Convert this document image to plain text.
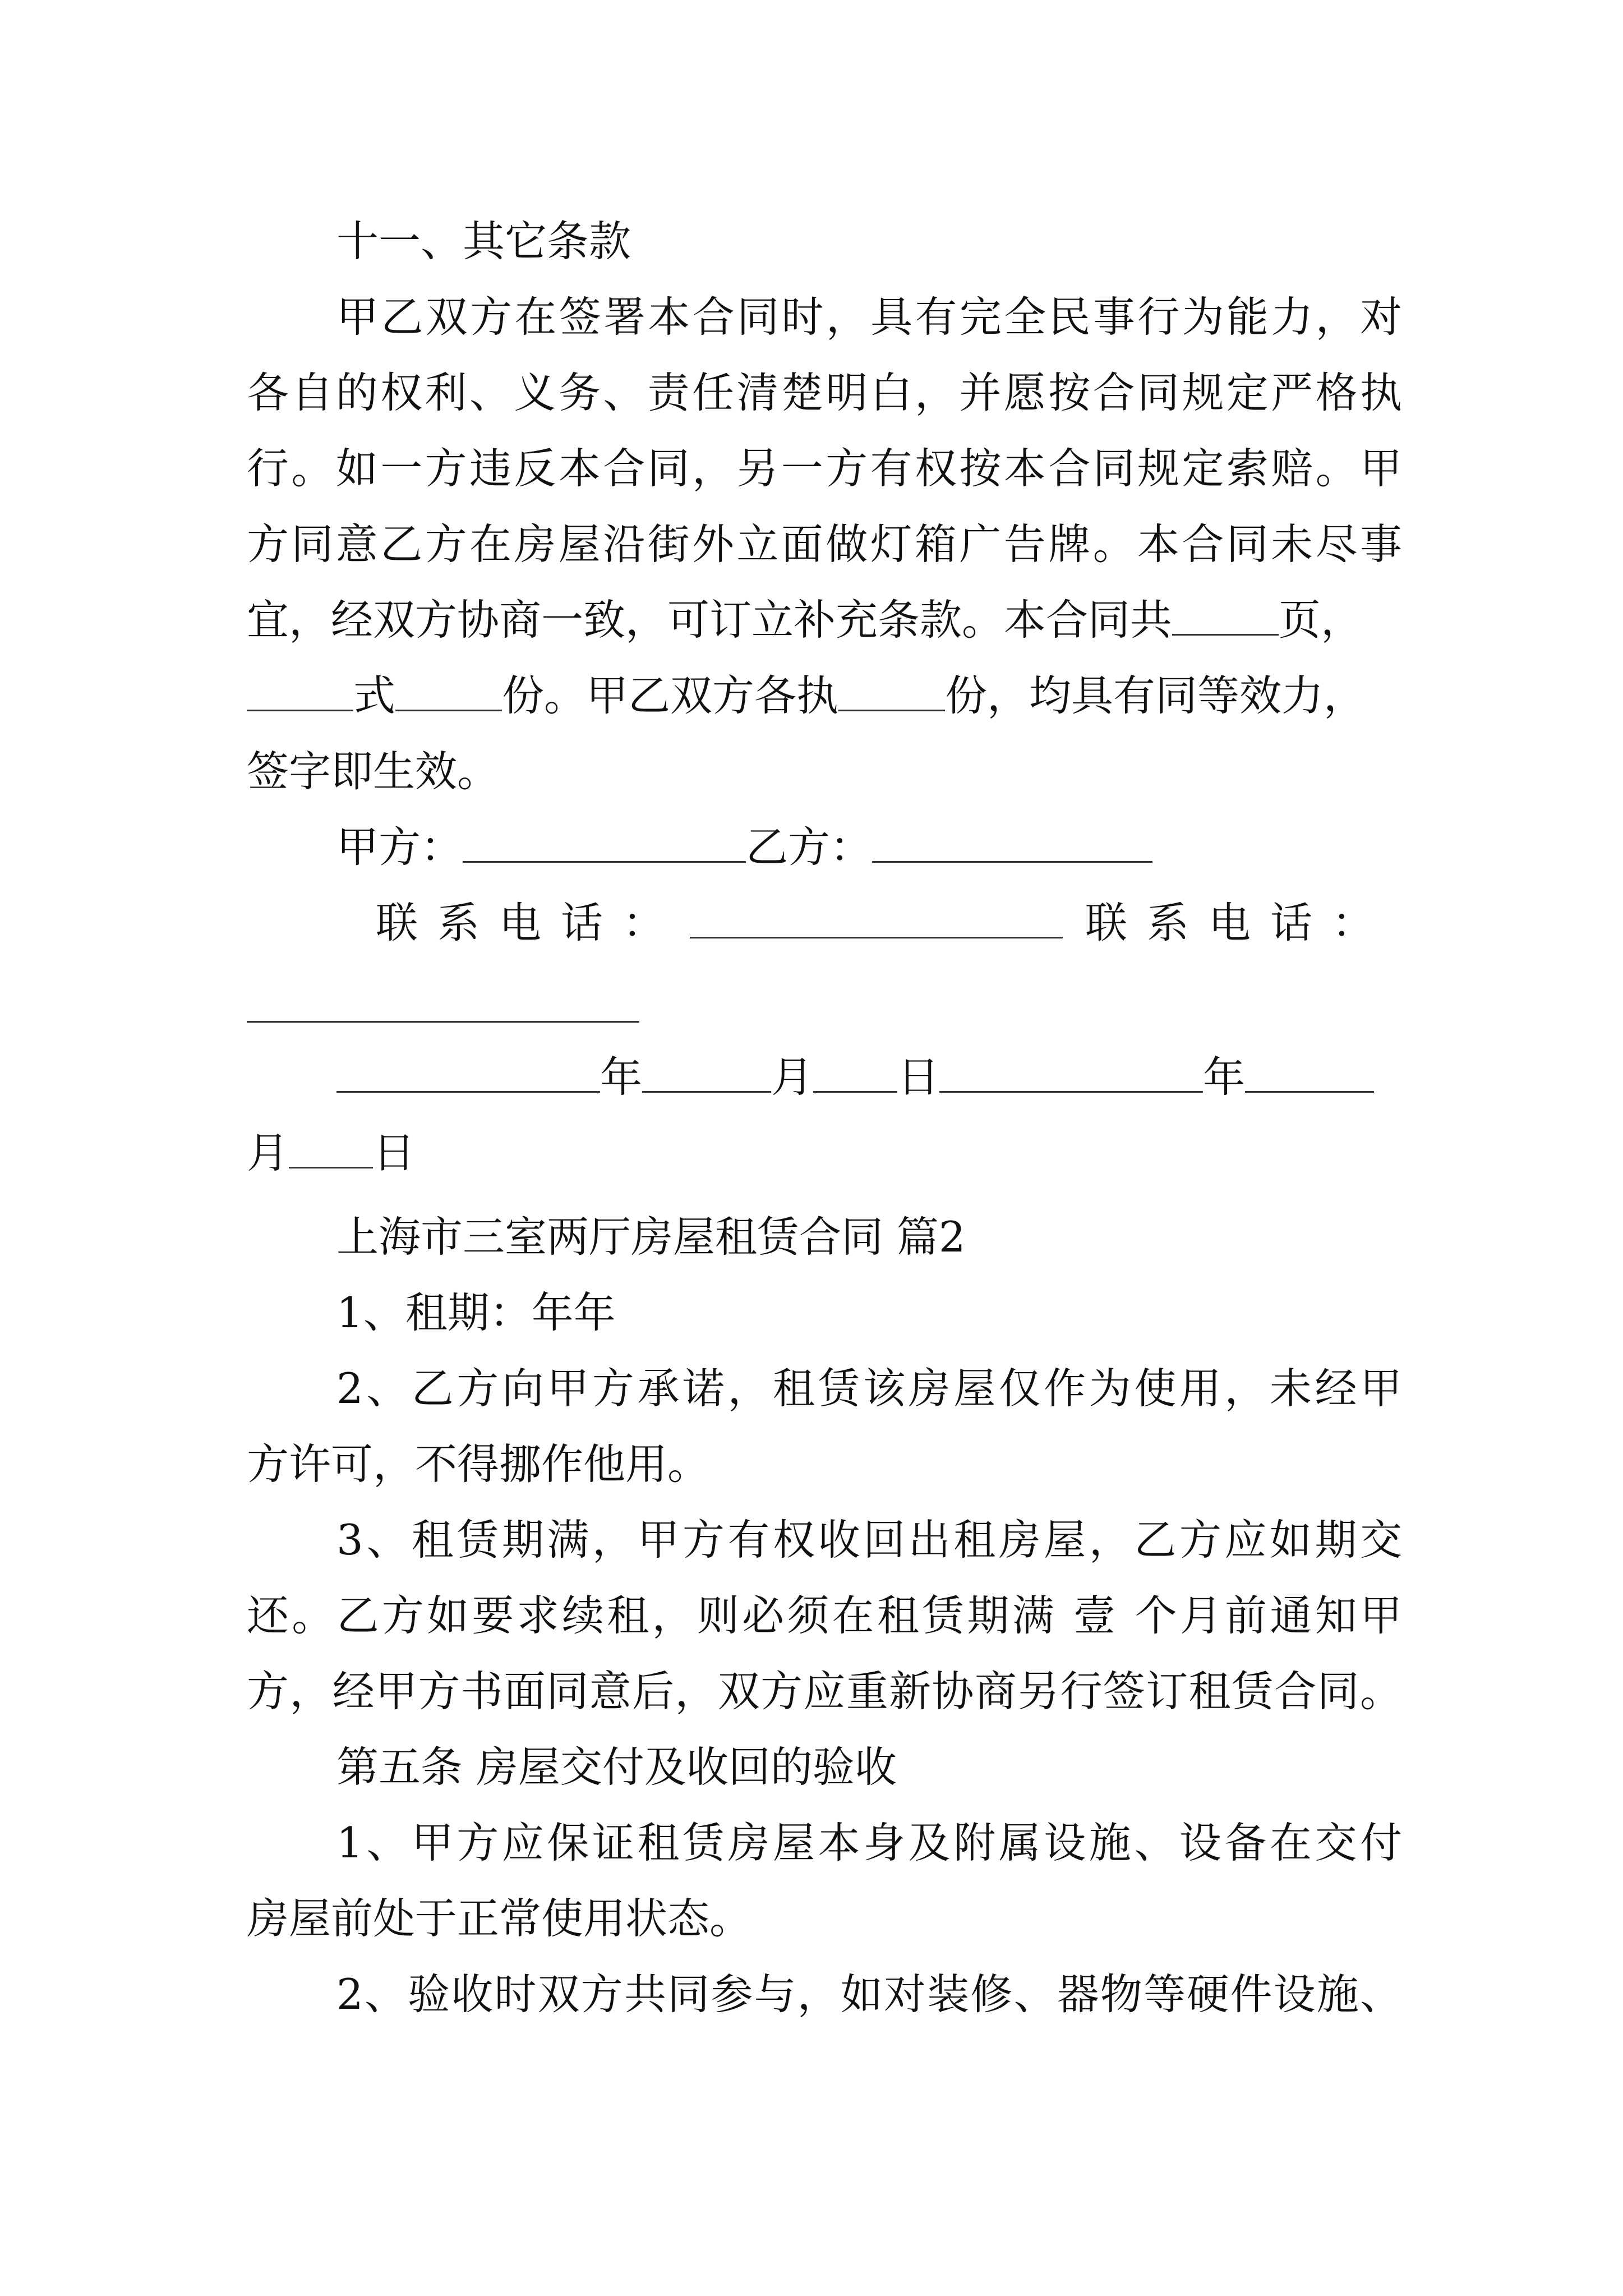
十一、其它条款
甲乙双方在签署本合同时，具有完全民事行为能力，对
各自的权利、义务、责任清楚明白，并愿按合同规定严格执
行。如一方违反本合同，另一方有权按本合同规定索赔。甲
方同意乙方在房屋沿街外立面做灯箱广告牌。本合同未尽事
宜，经双方协商一致，可订立补充条款。本合同共	页，
式	份。甲乙双方各执	份，均具有同等效力，
签字即生效。
甲方：	乙方：
联系电话：	联系电话：
年	月 日	年
月 日
上海市三室两厅房屋租赁合同 篇2
1、租期：年年
2、乙方向甲方承诺，租赁该房屋仅作为使用，未经甲
方许可，不得挪作他用。
3、租赁期满，甲方有权收回出租房屋，乙方应如期交
还。乙方如要求续租，则必须在租赁期满 壹 个月前通知甲
方，经甲方书面同意后，双方应重新协商另行签订租赁合同。
第五条 房屋交付及收回的验收
1、甲方应保证租赁房屋本身及附属设施、设备在交付
房屋前处于正常使用状态。
2、验收时双方共同参与，如对装修、器物等硬件设施、
